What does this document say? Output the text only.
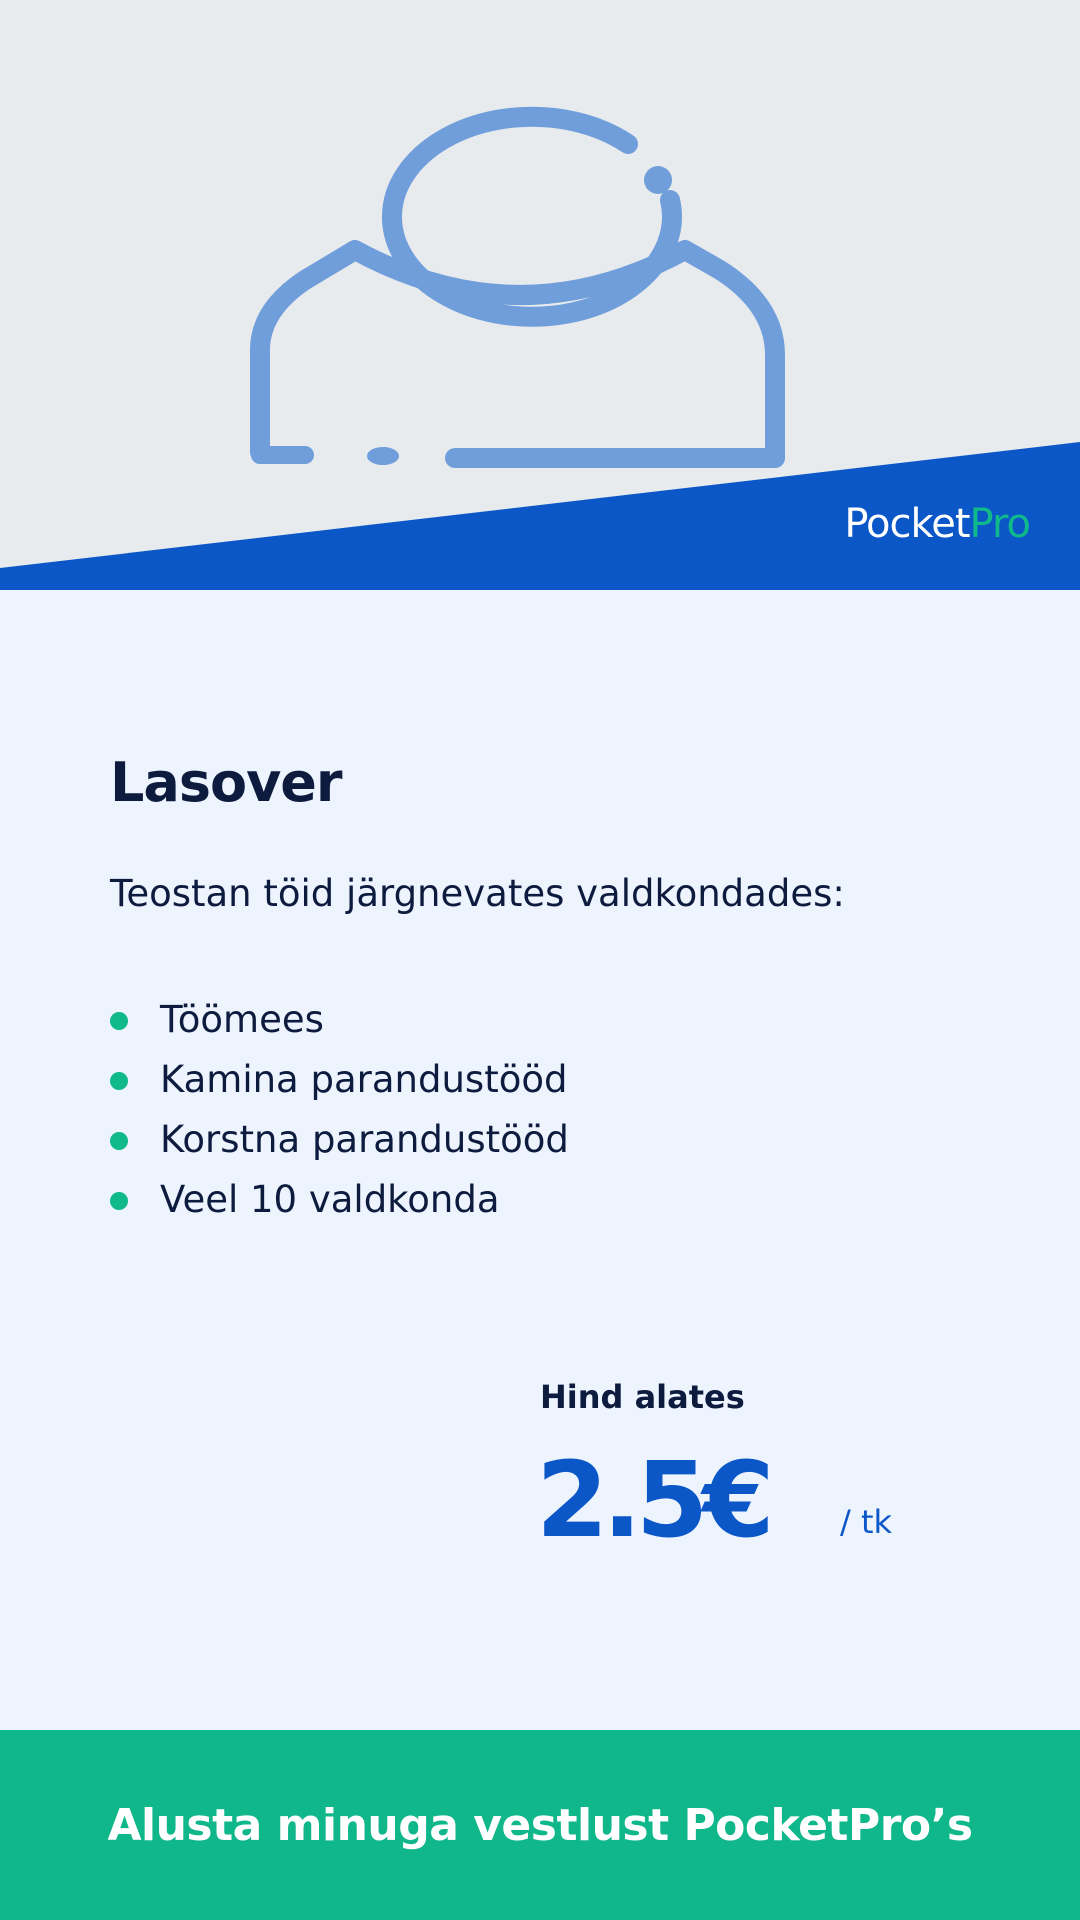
PocketPro
Lasover

Teostan töid järgnevates valdkondades:

Töömees
Kamina parandustööd
Korstna parandustööd
Veel 10 valdkonda
Hind alates
2.5€ / tk
Alusta minuga vestlust PocketPro’s
